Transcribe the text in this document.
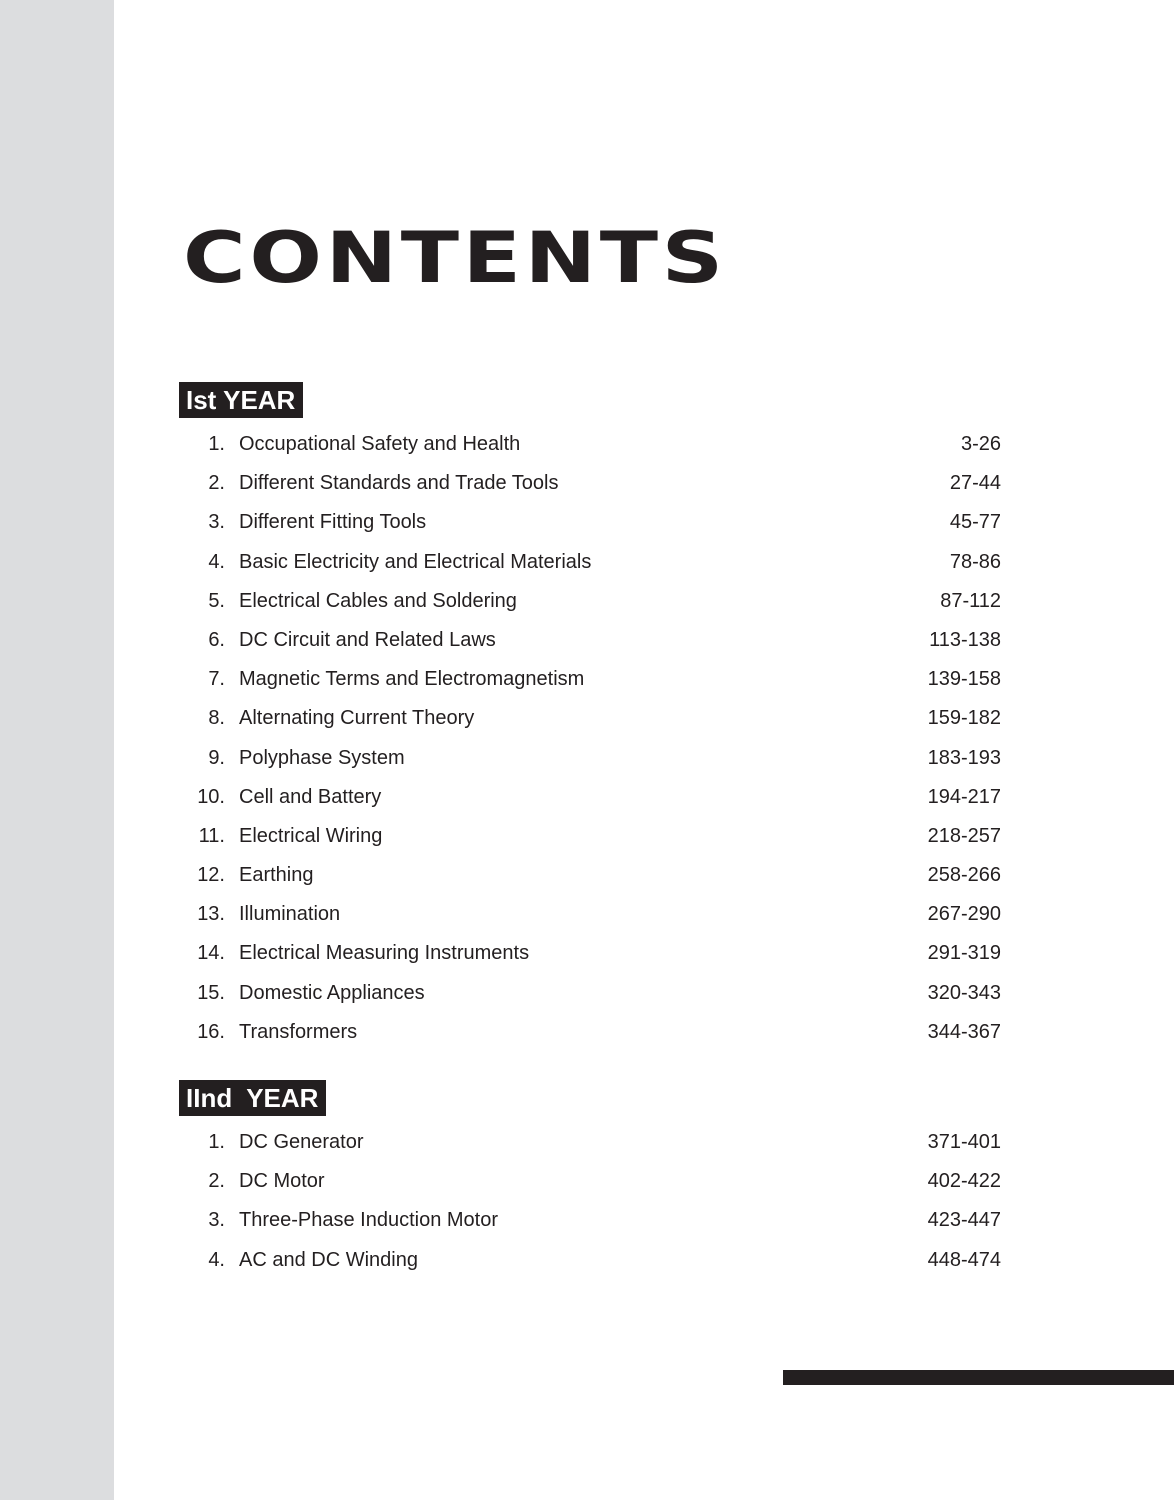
CONTENTS
Ist YEAR
1. Occupational Safety and Health	3-26
2. Different Standards and Trade Tools	27-44
3. Different Fitting Tools	45-77
4. Basic Electricity and Electrical Materials	78-86
5. Electrical Cables and Soldering	87-112
6. DC Circuit and Related Laws	113-138
7. Magnetic Terms and Electromagnetism	139-158
8. Alternating Current Theory	159-182
9. Polyphase System	183-193
10. Cell and Battery	194-217
11. Electrical Wiring	218-257
12. Earthing	258-266
13. Illumination	267-290
14. Electrical Measuring Instruments	291-319
15. Domestic Appliances	320-343
16. Transformers	344-367
IInd  YEAR
1. DC Generator	371-401
2. DC Motor	402-422
3. Three-Phase Induction Motor	423-447
4. AC and DC Winding	448-474
